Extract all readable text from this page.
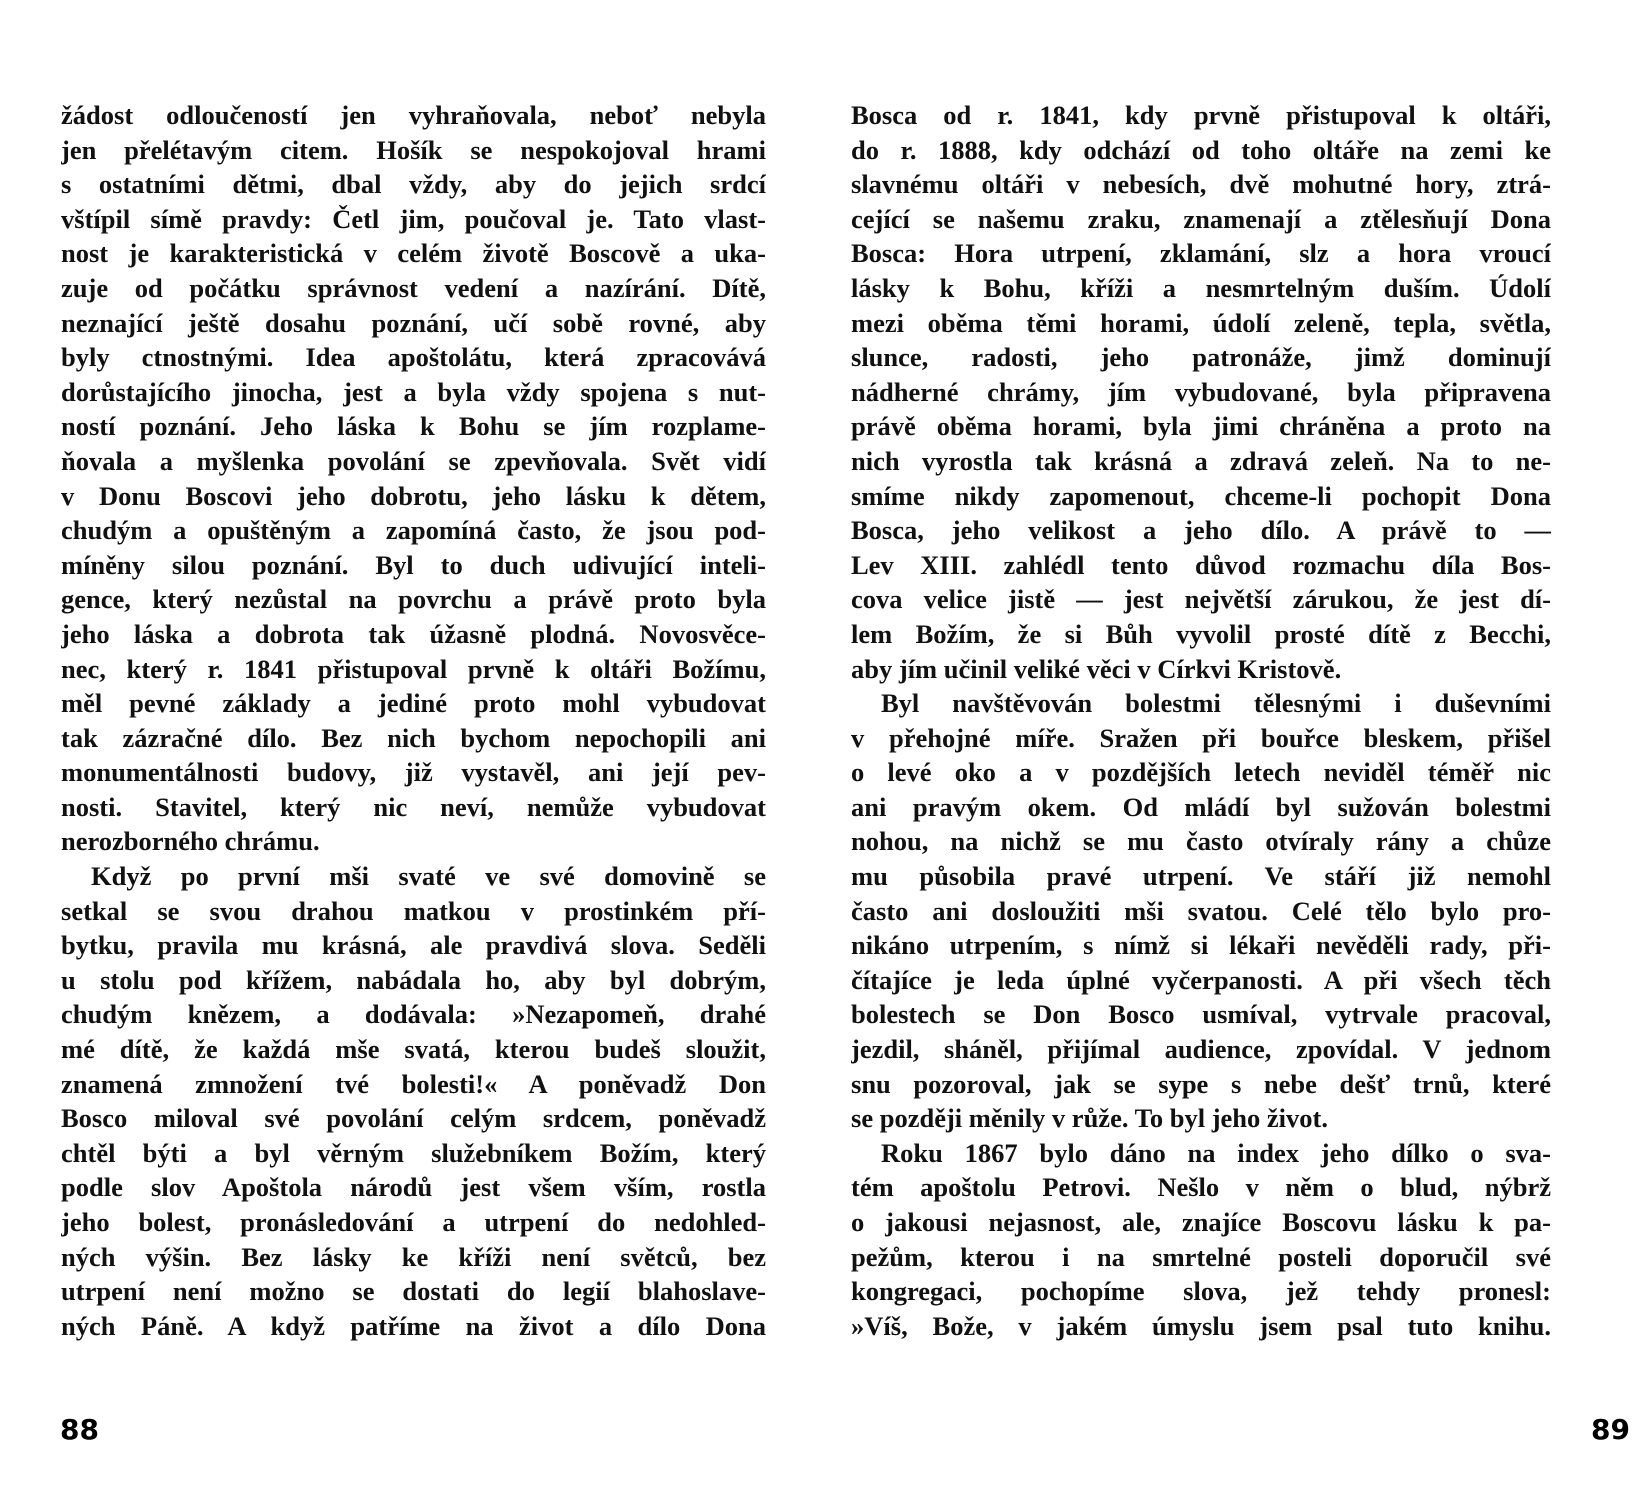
žádost odloučeností jen vyhraňovala, neboť nebyla
jen přelétavým citem. Hošík se nespokojoval hrami
s ostatními dětmi, dbal vždy, aby do jejich srdcí
vštípil símě pravdy: Četl jim, poučoval je. Tato vlast-
nost je karakteristická v celém životě Boscově a uka-
zuje od počátku správnost vedení a nazírání. Dítě,
neznající ještě dosahu poznání, učí sobě rovné, aby
byly ctnostnými. Idea apoštolátu, která zpracovává
dorůstajícího jinocha, jest a byla vždy spojena s nut-
ností poznání. Jeho láska k Bohu se jím rozplame-
ňovala a myšlenka povolání se zpevňovala. Svět vidí
v Donu Boscovi jeho dobrotu, jeho lásku k dětem,
chudým a opuštěným a zapomíná často, že jsou pod-
míněny silou poznání. Byl to duch udivující inteli-
gence, který nezůstal na povrchu a právě proto byla
jeho láska a dobrota tak úžasně plodná. Novosvěce-
nec, který r. 1841 přistupoval prvně k oltáři Božímu,
měl pevné základy a jediné proto mohl vybudovat
tak zázračné dílo. Bez nich bychom nepochopili ani
monumentálnosti budovy, již vystavěl, ani její pev-
nosti. Stavitel, který nic neví, nemůže vybudovat
nerozborného chrámu.
Když po první mši svaté ve své domovině se
setkal se svou drahou matkou v prostinkém pří-
bytku, pravila mu krásná, ale pravdivá slova. Seděli
u stolu pod křížem, nabádala ho, aby byl dobrým,
chudým knězem, a dodávala: »Nezapomeň, drahé
mé dítě, že každá mše svatá, kterou budeš sloužit,
znamená zmnožení tvé bolesti!« A poněvadž Don
Bosco miloval své povolání celým srdcem, poněvadž
chtěl býti a byl věrným služebníkem Božím, který
podle slov Apoštola národů jest všem vším, rostla
jeho bolest, pronásledování a utrpení do nedohled-
ných výšin. Bez lásky ke kříži není světců, bez
utrpení není možno se dostati do legií blahoslave-
ných Páně. A když patříme na život a dílo Dona
88
Bosca od r. 1841, kdy prvně přistupoval k oltáři,
do r. 1888, kdy odchází od toho oltáře na zemi ke
slavnému oltáři v nebesích, dvě mohutné hory, ztrá-
cející se našemu zraku, znamenají a ztělesňují Dona
Bosca: Hora utrpení, zklamání, slz a hora vroucí
lásky k Bohu, kříži a nesmrtelným duším. Údolí
mezi oběma těmi horami, údolí zeleně, tepla, světla,
slunce, radosti, jeho patronáže, jimž dominují
nádherné chrámy, jím vybudované, byla připravena
právě oběma horami, byla jimi chráněna a proto na
nich vyrostla tak krásná a zdravá zeleň. Na to ne-
smíme nikdy zapomenout, chceme-li pochopit Dona
Bosca, jeho velikost a jeho dílo. A právě to —
Lev XIII. zahlédl tento důvod rozmachu díla Bos-
cova velice jistě — jest největší zárukou, že jest dí-
lem Božím, že si Bůh vyvolil prosté dítě z Becchi,
aby jím učinil veliké věci v Církvi Kristově.
Byl navštěvován bolestmi tělesnými i duševními
v přehojné míře. Sražen při bouřce bleskem, přišel
o levé oko a v pozdějších letech neviděl téměř nic
ani pravým okem. Od mládí byl sužován bolestmi
nohou, na nichž se mu často otvíraly rány a chůze
mu působila pravé utrpení. Ve stáří již nemohl
často ani dosloužiti mši svatou. Celé tělo bylo pro-
nikáno utrpením, s nímž si lékaři nevěděli rady, při-
čítajíce je leda úplné vyčerpanosti. A při všech těch
bolestech se Don Bosco usmíval, vytrvale pracoval,
jezdil, sháněl, přijímal audience, zpovídal. V jednom
snu pozoroval, jak se sype s nebe dešť trnů, které
se později měnily v růže. To byl jeho život.
Roku 1867 bylo dáno na index jeho dílko o sva-
tém apoštolu Petrovi. Nešlo v něm o blud, nýbrž
o jakousi nejasnost, ale, znajíce Boscovu lásku k pa-
pežům, kterou i na smrtelné posteli doporučil své
kongregaci, pochopíme slova, jež tehdy pronesl:
»Víš, Bože, v jakém úmyslu jsem psal tuto knihu.
89
